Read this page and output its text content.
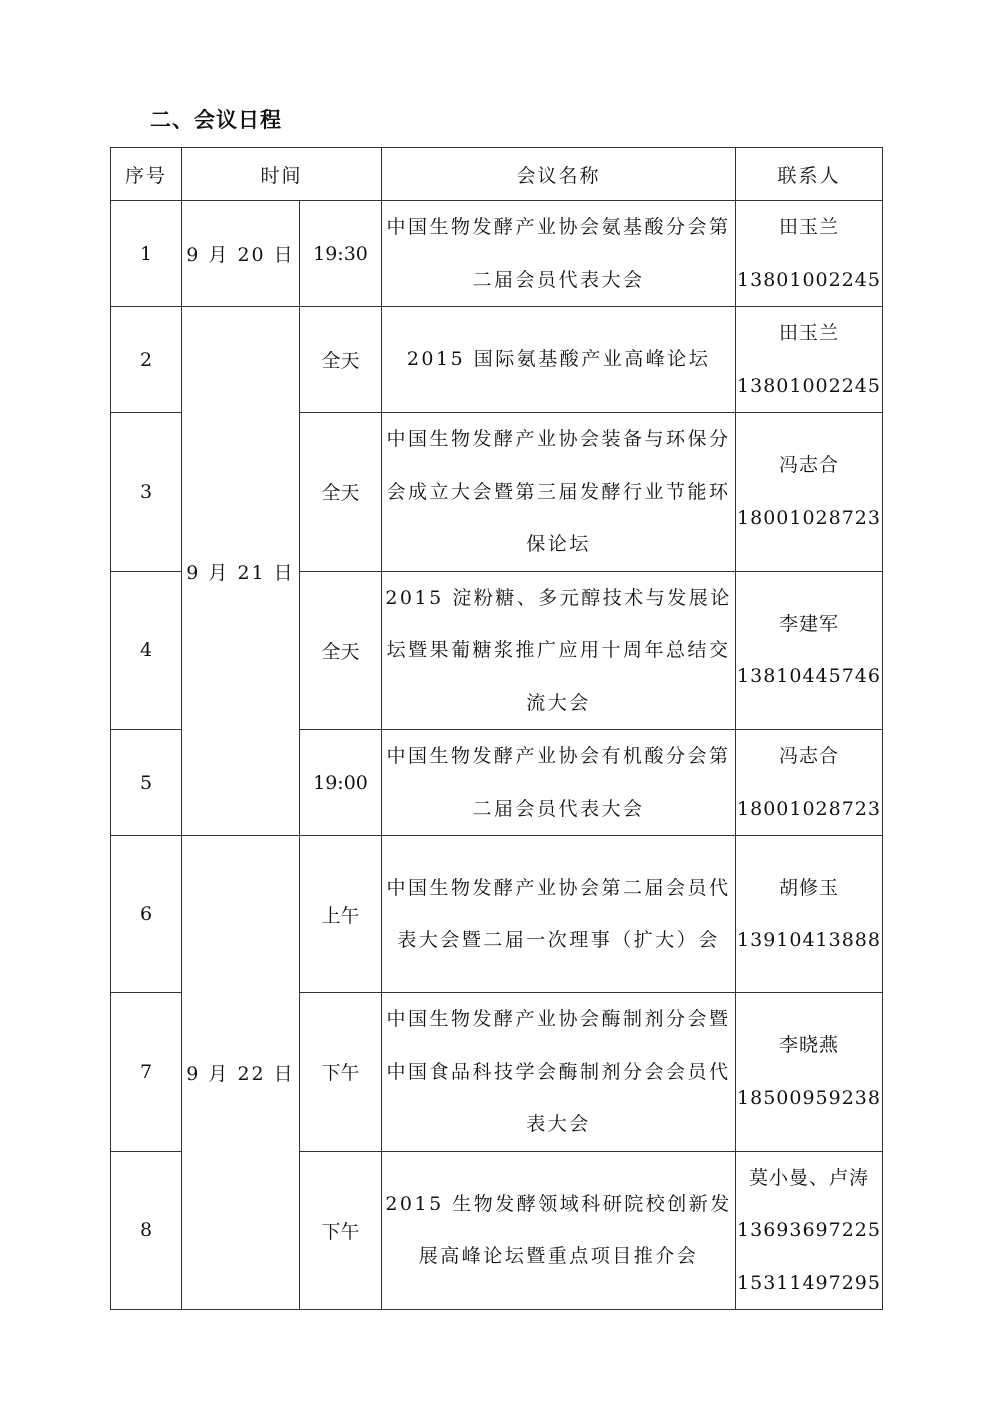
二、会议日程
序号	时间		会议名称	联系人
1	9 月 20 日	19:30	中国生物发酵产业协会氨基酸分会第二届会员代表大会	田玉兰
13801002245

2	9 月 21 日	全天	2015 国际氨基酸产业高峰论坛	田玉兰
13801002245

3		全天	中国生物发酵产业协会装备与环保分会成立大会暨第三届发酵行业节能环保论坛	冯志合
18001028723

4		全天	2015 淀粉糖、多元醇技术与发展论坛暨果葡糖浆推广应用十周年总结交流大会	李建军
13810445746

5		19:00	中国生物发酵产业协会有机酸分会第二届会员代表大会	冯志合
18001028723

6	9 月 22 日	上午	中国生物发酵产业协会第二届会员代表大会暨二届一次理事（扩大）会	胡修玉
13910413888

7		下午	中国生物发酵产业协会酶制剂分会暨中国食品科技学会酶制剂分会会员代表大会	李晓燕
18500959238

8		下午	2015 生物发酵领域科研院校创新发展高峰论坛暨重点项目推介会	莫小曼、卢涛
13693697225
15311497295
